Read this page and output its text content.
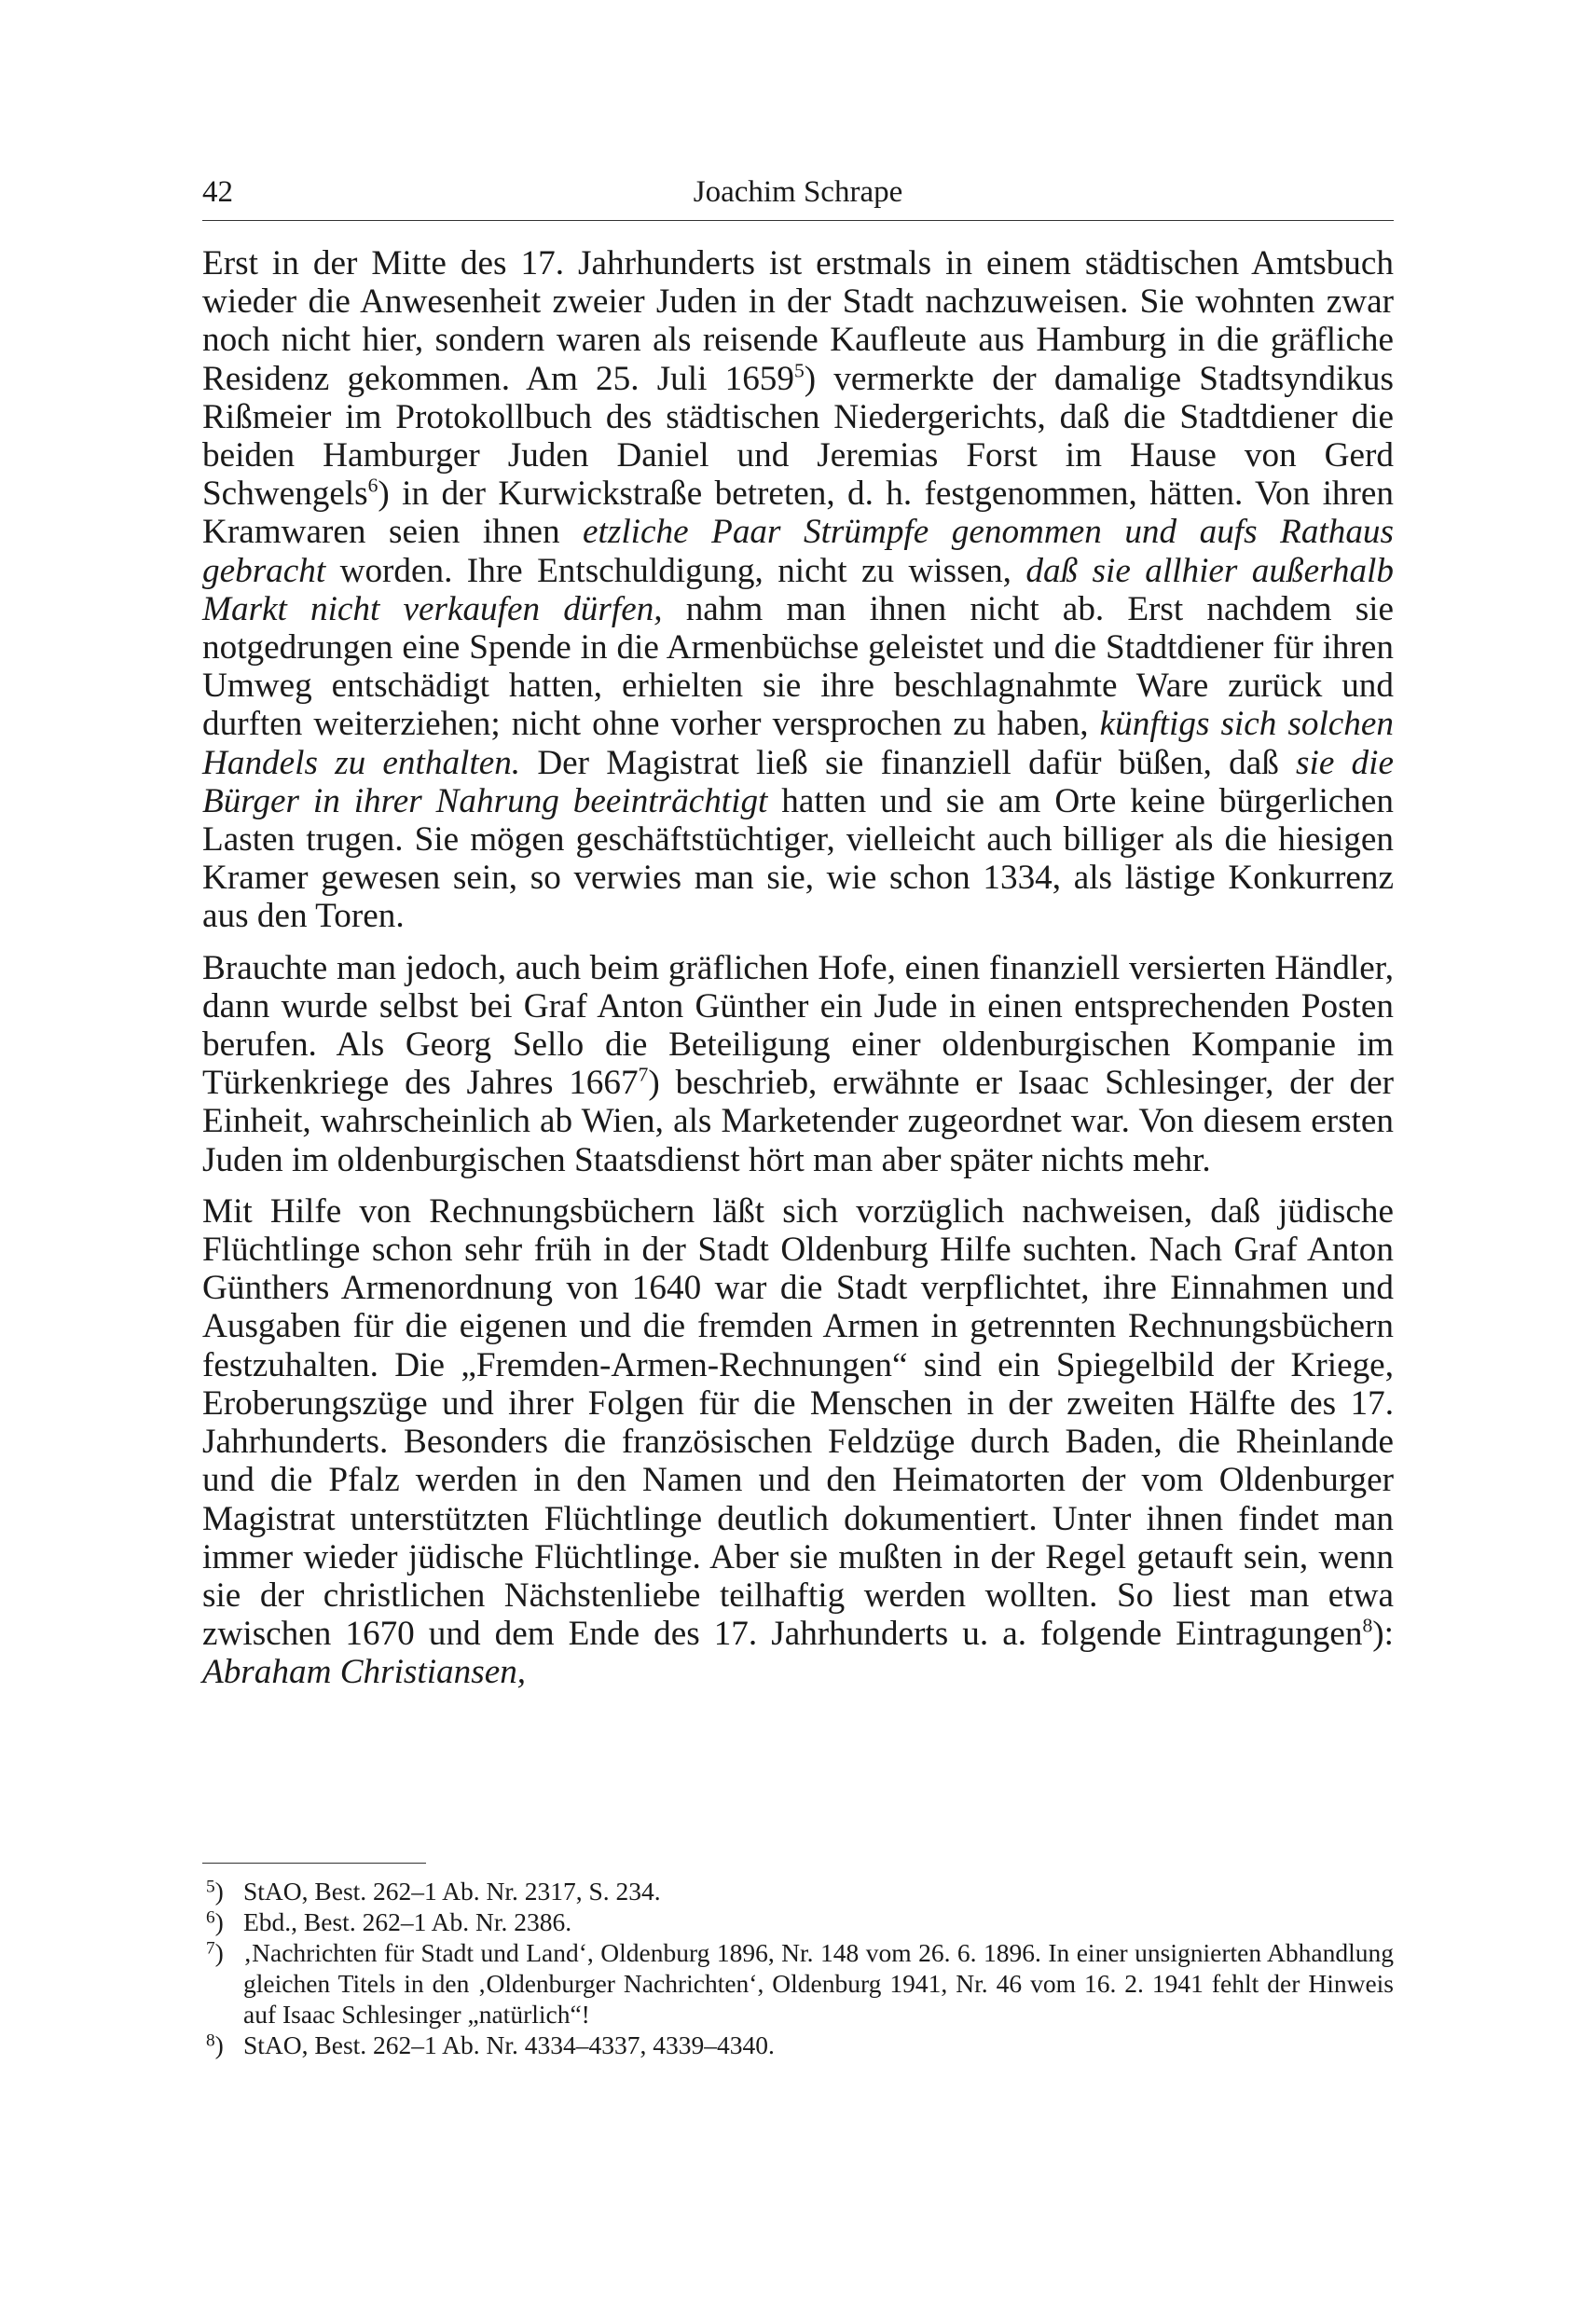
42	Joachim Schrape

Erst in der Mitte des 17. Jahrhunderts ist erstmals in einem städtischen Amtsbuch wieder die Anwesenheit zweier Juden in der Stadt nachzuweisen. Sie wohnten zwar noch nicht hier, sondern waren als reisende Kaufleute aus Hamburg in die gräfliche Residenz gekommen. Am 25. Juli 1659$^5$) vermerkte der damalige Stadtsyndikus Rißmeier im Protokollbuch des städtischen Niedergerichts, daß die Stadtdiener die beiden Hamburger Juden Daniel und Jeremias Forst im Hause von Gerd Schwengels$^6$) in der Kurwickstraße betreten, d. h. festgenommen, hätten. Von ihren Kramwaren seien ihnen etzliche Paar Strümpfe genommen und aufs Rathaus gebracht worden. Ihre Entschuldigung, nicht zu wissen, daß sie allhier außerhalb Markt nicht verkaufen dürfen, nahm man ihnen nicht ab. Erst nachdem sie notgedrungen eine Spende in die Armenbüchse geleistet und die Stadtdiener für ihren Umweg entschädigt hatten, erhielten sie ihre beschlagnahmte Ware zurück und durften weiterziehen; nicht ohne vorher versprochen zu haben, künftigs sich solchen Handels zu enthalten. Der Magistrat ließ sie finanziell dafür büßen, daß sie die Bürger in ihrer Nahrung beeinträchtigt hatten und sie am Orte keine bürgerlichen Lasten trugen. Sie mögen geschäftstüchtiger, vielleicht auch billiger als die hiesigen Kramer gewesen sein, so verwies man sie, wie schon 1334, als lästige Konkurrenz aus den Toren.

Brauchte man jedoch, auch beim gräflichen Hofe, einen finanziell versierten Händler, dann wurde selbst bei Graf Anton Günther ein Jude in einen entsprechenden Posten berufen. Als Georg Sello die Beteiligung einer oldenburgischen Kompanie im Türkenkriege des Jahres 1667$^7$) beschrieb, erwähnte er Isaac Schlesinger, der der Einheit, wahrscheinlich ab Wien, als Marketender zugeordnet war. Von diesem ersten Juden im oldenburgischen Staatsdienst hört man aber später nichts mehr.

Mit Hilfe von Rechnungsbüchern läßt sich vorzüglich nachweisen, daß jüdische Flüchtlinge schon sehr früh in der Stadt Oldenburg Hilfe suchten. Nach Graf Anton Günthers Armenordnung von 1640 war die Stadt verpflichtet, ihre Einnahmen und Ausgaben für die eigenen und die fremden Armen in getrennten Rechnungsbüchern festzuhalten. Die „Fremden-Armen-Rechnungen“ sind ein Spiegelbild der Kriege, Eroberungszüge und ihrer Folgen für die Menschen in der zweiten Hälfte des 17. Jahrhunderts. Besonders die französischen Feldzüge durch Baden, die Rheinlande und die Pfalz werden in den Namen und den Heimatorten der vom Oldenburger Magistrat unterstützten Flüchtlinge deutlich dokumentiert. Unter ihnen findet man immer wieder jüdische Flüchtlinge. Aber sie mußten in der Regel getauft sein, wenn sie der christlichen Nächstenliebe teilhaftig werden wollten. So liest man etwa zwischen 1670 und dem Ende des 17. Jahrhunderts u. a. folgende Eintragungen$^8$): Abraham Christiansen,

$^5$) StAO, Best. 262–1 Ab. Nr. 2317, S. 234.

$^6$) Ebd., Best. 262–1 Ab. Nr. 2386.

$^7$) ‚Nachrichten für Stadt und Land‘, Oldenburg 1896, Nr. 148 vom 26. 6. 1896. In einer unsignierten Abhandlung gleichen Titels in den ‚Oldenburger Nachrichten‘, Oldenburg 1941, Nr. 46 vom 16. 2. 1941 fehlt der Hinweis auf Isaac Schlesinger „natürlich“!

$^8$) StAO, Best. 262–1 Ab. Nr. 4334–4337, 4339–4340.
